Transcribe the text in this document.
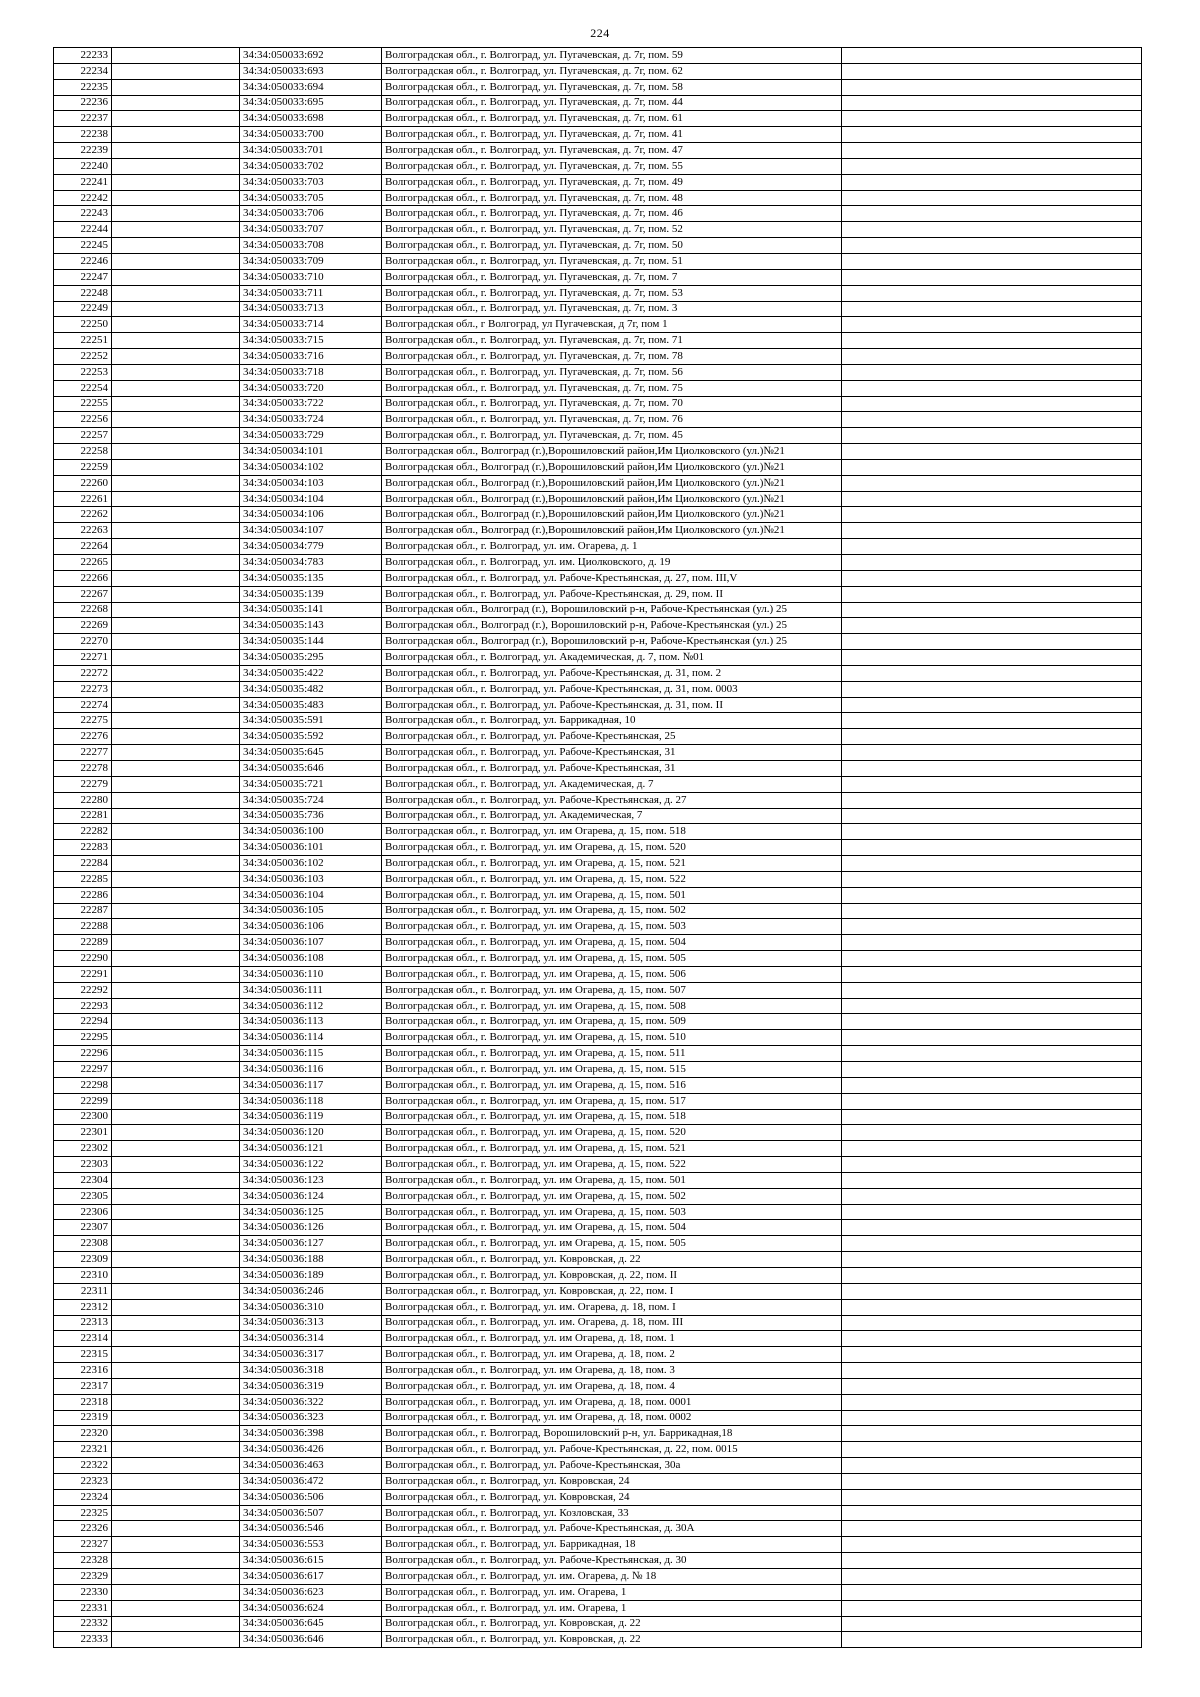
224
22233		34:34:050033:692	Волгоградская обл., г. Волгоград, ул. Пугачевская, д. 7г, пом. 59	
22234		34:34:050033:693	Волгоградская обл., г. Волгоград, ул. Пугачевская, д. 7г, пом. 62	
22235		34:34:050033:694	Волгоградская обл., г. Волгоград, ул. Пугачевская, д. 7г, пом. 58	
22236		34:34:050033:695	Волгоградская обл., г. Волгоград, ул. Пугачевская, д. 7г, пом. 44	
22237		34:34:050033:698	Волгоградская обл., г. Волгоград, ул. Пугачевская, д. 7г, пом. 61	
22238		34:34:050033:700	Волгоградская обл., г. Волгоград, ул. Пугачевская, д. 7г, пом. 41	
22239		34:34:050033:701	Волгоградская обл., г. Волгоград, ул. Пугачевская, д. 7г, пом. 47	
22240		34:34:050033:702	Волгоградская обл., г. Волгоград, ул. Пугачевская, д. 7г, пом. 55	
22241		34:34:050033:703	Волгоградская обл., г. Волгоград, ул. Пугачевская, д. 7г, пом. 49	
22242		34:34:050033:705	Волгоградская обл., г. Волгоград, ул. Пугачевская, д. 7г, пом. 48	
22243		34:34:050033:706	Волгоградская обл., г. Волгоград, ул. Пугачевская, д. 7г, пом. 46	
22244		34:34:050033:707	Волгоградская обл., г. Волгоград, ул. Пугачевская, д. 7г, пом. 52	
22245		34:34:050033:708	Волгоградская обл., г. Волгоград, ул. Пугачевская, д. 7г, пом. 50	
22246		34:34:050033:709	Волгоградская обл., г. Волгоград, ул. Пугачевская, д. 7г, пом. 51	
22247		34:34:050033:710	Волгоградская обл., г. Волгоград, ул. Пугачевская, д. 7г, пом. 7	
22248		34:34:050033:711	Волгоградская обл., г. Волгоград, ул. Пугачевская, д. 7г, пом. 53	
22249		34:34:050033:713	Волгоградская обл., г. Волгоград, ул. Пугачевская, д. 7г, пом. 3	
22250		34:34:050033:714	Волгоградская обл., г Волгоград, ул Пугачевская, д 7г, пом 1	
22251		34:34:050033:715	Волгоградская обл., г. Волгоград, ул. Пугачевская, д. 7г, пом. 71	
22252		34:34:050033:716	Волгоградская обл., г. Волгоград, ул. Пугачевская, д. 7г, пом. 78	
22253		34:34:050033:718	Волгоградская обл., г. Волгоград, ул. Пугачевская, д. 7г, пом. 56	
22254		34:34:050033:720	Волгоградская обл., г. Волгоград, ул. Пугачевская, д. 7г, пом. 75	
22255		34:34:050033:722	Волгоградская обл., г. Волгоград, ул. Пугачевская, д. 7г, пом. 70	
22256		34:34:050033:724	Волгоградская обл., г. Волгоград, ул. Пугачевская, д. 7г, пом. 76	
22257		34:34:050033:729	Волгоградская обл., г. Волгоград, ул. Пугачевская, д. 7г, пом. 45	
22258		34:34:050034:101	Волгоградская обл., Волгоград (г.),Ворошиловский район,Им Циолковского (ул.)№21	
22259		34:34:050034:102	Волгоградская обл., Волгоград (г.),Ворошиловский район,Им Циолковского (ул.)№21	
22260		34:34:050034:103	Волгоградская обл., Волгоград (г.),Ворошиловский район,Им Циолковского (ул.)№21	
22261		34:34:050034:104	Волгоградская обл., Волгоград (г.),Ворошиловский район,Им Циолковского (ул.)№21	
22262		34:34:050034:106	Волгоградская обл., Волгоград (г.),Ворошиловский район,Им Циолковского (ул.)№21	
22263		34:34:050034:107	Волгоградская обл., Волгоград (г.),Ворошиловский район,Им Циолковского (ул.)№21	
22264		34:34:050034:779	Волгоградская обл., г. Волгоград, ул. им. Огарева, д. 1	
22265		34:34:050034:783	Волгоградская обл., г. Волгоград, ул. им. Циолковского, д. 19	
22266		34:34:050035:135	Волгоградская обл., г. Волгоград, ул. Рабоче-Крестьянская, д. 27, пом. III,V	
22267		34:34:050035:139	Волгоградская обл., г. Волгоград, ул. Рабоче-Крестьянская, д. 29, пом. II	
22268		34:34:050035:141	Волгоградская обл., Волгоград (г.), Ворошиловский р-н, Рабоче-Крестьянская (ул.) 25	
22269		34:34:050035:143	Волгоградская обл., Волгоград (г.), Ворошиловский р-н, Рабоче-Крестьянская (ул.) 25	
22270		34:34:050035:144	Волгоградская обл., Волгоград (г.), Ворошиловский р-н, Рабоче-Крестьянская (ул.) 25	
22271		34:34:050035:295	Волгоградская обл., г. Волгоград, ул. Академическая, д. 7, пом. №01	
22272		34:34:050035:422	Волгоградская обл., г. Волгоград, ул. Рабоче-Крестьянская, д. 31, пом. 2	
22273		34:34:050035:482	Волгоградская обл., г. Волгоград, ул. Рабоче-Крестьянская, д. 31, пом. 0003	
22274		34:34:050035:483	Волгоградская обл., г. Волгоград, ул. Рабоче-Крестьянская, д. 31, пом. II	
22275		34:34:050035:591	Волгоградская обл., г. Волгоград, ул. Баррикадная, 10	
22276		34:34:050035:592	Волгоградская обл., г. Волгоград, ул. Рабоче-Крестьянская, 25	
22277		34:34:050035:645	Волгоградская обл., г. Волгоград, ул. Рабоче-Крестьянская, 31	
22278		34:34:050035:646	Волгоградская обл., г. Волгоград, ул. Рабоче-Крестьянская, 31	
22279		34:34:050035:721	Волгоградская обл., г. Волгоград, ул. Академическая, д. 7	
22280		34:34:050035:724	Волгоградская обл., г. Волгоград, ул. Рабоче-Крестьянская, д. 27	
22281		34:34:050035:736	Волгоградская обл., г. Волгоград, ул. Академическая, 7	
22282		34:34:050036:100	Волгоградская обл., г. Волгоград, ул. им Огарева, д. 15, пом. 518	
22283		34:34:050036:101	Волгоградская обл., г. Волгоград, ул. им Огарева, д. 15, пом. 520	
22284		34:34:050036:102	Волгоградская обл., г. Волгоград, ул. им Огарева, д. 15, пом. 521	
22285		34:34:050036:103	Волгоградская обл., г. Волгоград, ул. им Огарева, д. 15, пом. 522	
22286		34:34:050036:104	Волгоградская обл., г. Волгоград, ул. им Огарева, д. 15, пом. 501	
22287		34:34:050036:105	Волгоградская обл., г. Волгоград, ул. им Огарева, д. 15, пом. 502	
22288		34:34:050036:106	Волгоградская обл., г. Волгоград, ул. им Огарева, д. 15, пом. 503	
22289		34:34:050036:107	Волгоградская обл., г. Волгоград, ул. им Огарева, д. 15, пом. 504	
22290		34:34:050036:108	Волгоградская обл., г. Волгоград, ул. им Огарева, д. 15, пом. 505	
22291		34:34:050036:110	Волгоградская обл., г. Волгоград, ул. им Огарева, д. 15, пом. 506	
22292		34:34:050036:111	Волгоградская обл., г. Волгоград, ул. им Огарева, д. 15, пом. 507	
22293		34:34:050036:112	Волгоградская обл., г. Волгоград, ул. им Огарева, д. 15, пом. 508	
22294		34:34:050036:113	Волгоградская обл., г. Волгоград, ул. им Огарева, д. 15, пом. 509	
22295		34:34:050036:114	Волгоградская обл., г. Волгоград, ул. им Огарева, д. 15, пом. 510	
22296		34:34:050036:115	Волгоградская обл., г. Волгоград, ул. им Огарева, д. 15, пом. 511	
22297		34:34:050036:116	Волгоградская обл., г. Волгоград, ул. им Огарева, д. 15, пом. 515	
22298		34:34:050036:117	Волгоградская обл., г. Волгоград, ул. им Огарева, д. 15, пом. 516	
22299		34:34:050036:118	Волгоградская обл., г. Волгоград, ул. им Огарева, д. 15, пом. 517	
22300		34:34:050036:119	Волгоградская обл., г. Волгоград, ул. им Огарева, д. 15, пом. 518	
22301		34:34:050036:120	Волгоградская обл., г. Волгоград, ул. им Огарева, д. 15, пом. 520	
22302		34:34:050036:121	Волгоградская обл., г. Волгоград, ул. им Огарева, д. 15, пом. 521	
22303		34:34:050036:122	Волгоградская обл., г. Волгоград, ул. им Огарева, д. 15, пом. 522	
22304		34:34:050036:123	Волгоградская обл., г. Волгоград, ул. им Огарева, д. 15, пом. 501	
22305		34:34:050036:124	Волгоградская обл., г. Волгоград, ул. им Огарева, д. 15, пом. 502	
22306		34:34:050036:125	Волгоградская обл., г. Волгоград, ул. им Огарева, д. 15, пом. 503	
22307		34:34:050036:126	Волгоградская обл., г. Волгоград, ул. им Огарева, д. 15, пом. 504	
22308		34:34:050036:127	Волгоградская обл., г. Волгоград, ул. им Огарева, д. 15, пом. 505	
22309		34:34:050036:188	Волгоградская обл., г. Волгоград, ул. Ковровская, д. 22	
22310		34:34:050036:189	Волгоградская обл., г. Волгоград, ул. Ковровская, д. 22, пом. II	
22311		34:34:050036:246	Волгоградская обл., г. Волгоград, ул. Ковровская, д. 22, пом. I	
22312		34:34:050036:310	Волгоградская обл., г. Волгоград, ул. им. Огарева, д. 18, пом. I	
22313		34:34:050036:313	Волгоградская обл., г. Волгоград, ул. им. Огарева, д. 18, пом. III	
22314		34:34:050036:314	Волгоградская обл., г. Волгоград, ул. им Огарева, д. 18, пом. 1	
22315		34:34:050036:317	Волгоградская обл., г. Волгоград, ул. им Огарева, д. 18, пом. 2	
22316		34:34:050036:318	Волгоградская обл., г. Волгоград, ул. им Огарева, д. 18, пом. 3	
22317		34:34:050036:319	Волгоградская обл., г. Волгоград, ул. им Огарева, д. 18, пом. 4	
22318		34:34:050036:322	Волгоградская обл., г. Волгоград, ул. им Огарева, д. 18, пом. 0001	
22319		34:34:050036:323	Волгоградская обл., г. Волгоград, ул. им Огарева, д. 18, пом. 0002	
22320		34:34:050036:398	Волгоградская обл., г. Волгоград, Ворошиловский р-н, ул. Баррикадная,18	
22321		34:34:050036:426	Волгоградская обл., г. Волгоград, ул. Рабоче-Крестьянская, д. 22, пом. 0015	
22322		34:34:050036:463	Волгоградская обл., г. Волгоград, ул. Рабоче-Крестьянская, 30а	
22323		34:34:050036:472	Волгоградская обл., г. Волгоград, ул. Ковровская, 24	
22324		34:34:050036:506	Волгоградская обл., г. Волгоград, ул. Ковровская, 24	
22325		34:34:050036:507	Волгоградская обл., г. Волгоград, ул. Козловская, 33	
22326		34:34:050036:546	Волгоградская обл., г. Волгоград, ул. Рабоче-Крестьянская, д. 30А	
22327		34:34:050036:553	Волгоградская обл., г. Волгоград, ул. Баррикадная, 18	
22328		34:34:050036:615	Волгоградская обл., г. Волгоград, ул. Рабоче-Крестьянская, д. 30	
22329		34:34:050036:617	Волгоградская обл., г. Волгоград, ул. им. Огарева, д. № 18	
22330		34:34:050036:623	Волгоградская обл., г. Волгоград, ул. им. Огарева, 1	
22331		34:34:050036:624	Волгоградская обл., г. Волгоград, ул. им. Огарева, 1	
22332		34:34:050036:645	Волгоградская обл., г. Волгоград, ул. Ковровская, д. 22	
22333		34:34:050036:646	Волгоградская обл., г. Волгоград, ул. Ковровская, д. 22	
